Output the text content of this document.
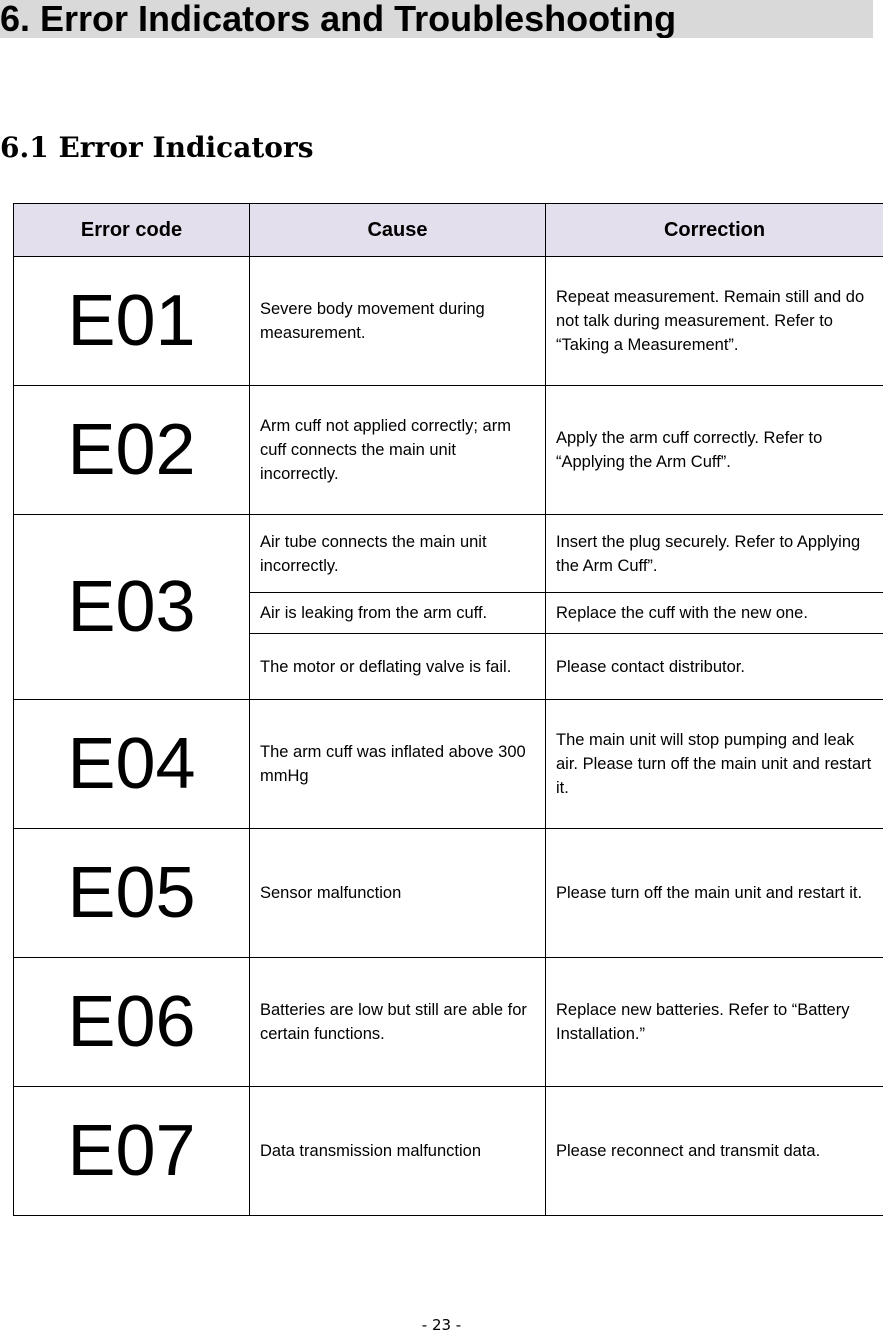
6. Error Indicators and Troubleshooting
6.1 Error Indicators
Error code	Cause	Correction
E01	Severe body movement during measurement.	Repeat measurement. Remain still and do not talk during measurement. Refer to “Taking a Measurement”.
E02	Arm cuff not applied correctly; arm cuff connects the main unit incorrectly.	Apply the arm cuff correctly. Refer to “Applying the Arm Cuff”.
E03	Air tube connects the main unit incorrectly.	Insert the plug securely. Refer to Applying the Arm Cuff”.
	Air is leaking from the arm cuff.	Replace the cuff with the new one.
	The motor or deflating valve is fail.	Please contact distributor.
E04	The arm cuff was inflated above 300 mmHg	The main unit will stop pumping and leak air. Please turn off the main unit and restart it.
E05	Sensor malfunction	Please turn off the main unit and restart it.
E06	Batteries are low but still are able for certain functions.	Replace new batteries. Refer to “Battery Installation.”
E07	Data transmission malfunction	Please reconnect and transmit data.
- 23 -
